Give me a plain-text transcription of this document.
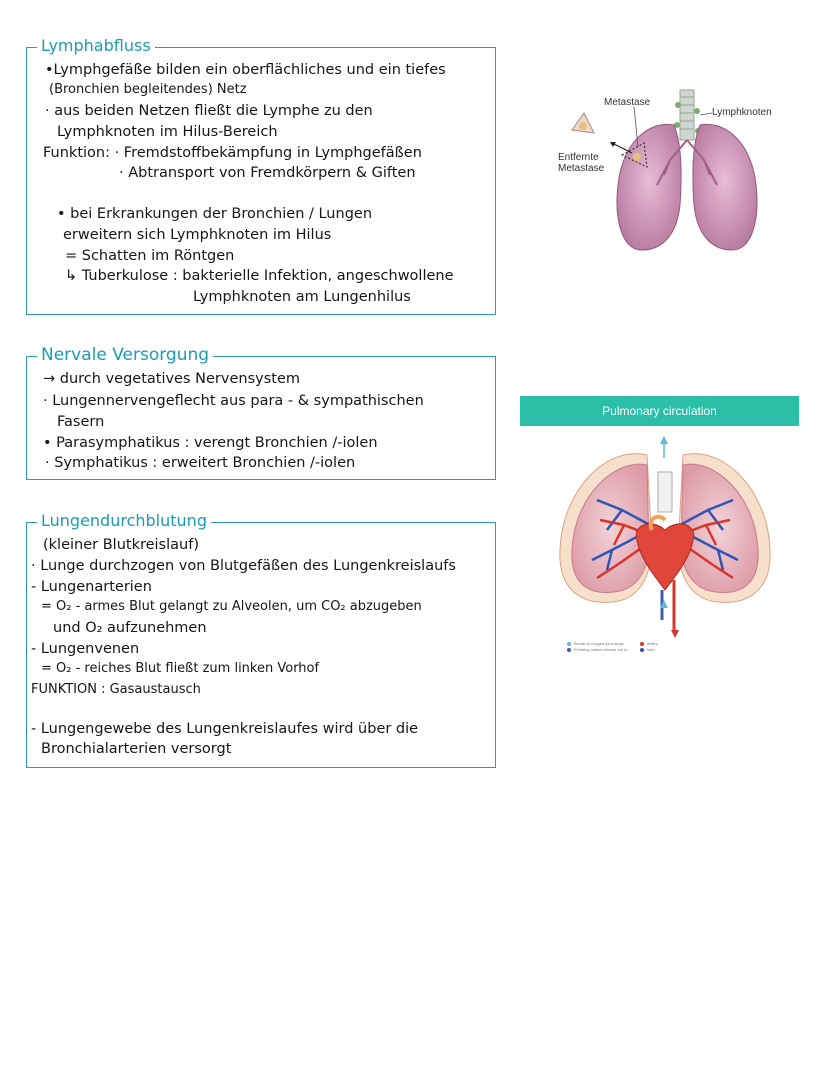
Lymphabfluss
•Lymphgefäße bilden ein oberflächliches und ein tiefes
(Bronchien begleitendes) Netz
· aus beiden Netzen fließt die Lymphe zu den
Lymphknoten im Hilus-Bereich
Funktion: · Fremdstoffbekämpfung in Lymphgefäßen
· Abtransport von Fremdkörpern & Giften
• bei Erkrankungen der Bronchien / Lungen
erweitern sich Lymphknoten im Hilus
= Schatten im Röntgen
↳ Tuberkulose : bakterielle Infektion, angeschwollene
Lymphknoten am Lungenhilus
Nervale Versorgung
→ durch vegetatives Nervensystem
· Lungennervengeflecht aus para - & sympathischen
Fasern
• Parasymphatikus : verengt Bronchien /-iolen
· Symphatikus : erweitert Bronchien /-iolen
Lungendurchblutung
(kleiner Blutkreislauf)
· Lunge durchzogen von Blutgefäßen des Lungenkreislaufs
- Lungenarterien
= O₂ - armes Blut gelangt zu Alveolen, um CO₂ abzugeben
und O₂ aufzunehmen
- Lungenvenen
= O₂ - reiches Blut fließt zum linken Vorhof
FUNKTION : Gasaustausch
- Lungengewebe des Lungenkreislaufes wird über die
Bronchialarterien versorgt
Metastase
Lymphknoten
Entfernte
Metastase
Pulmonary circulation
Breath in oxygen your lungs
Exhaling carbon dioxide out lu
Artery
Vein
